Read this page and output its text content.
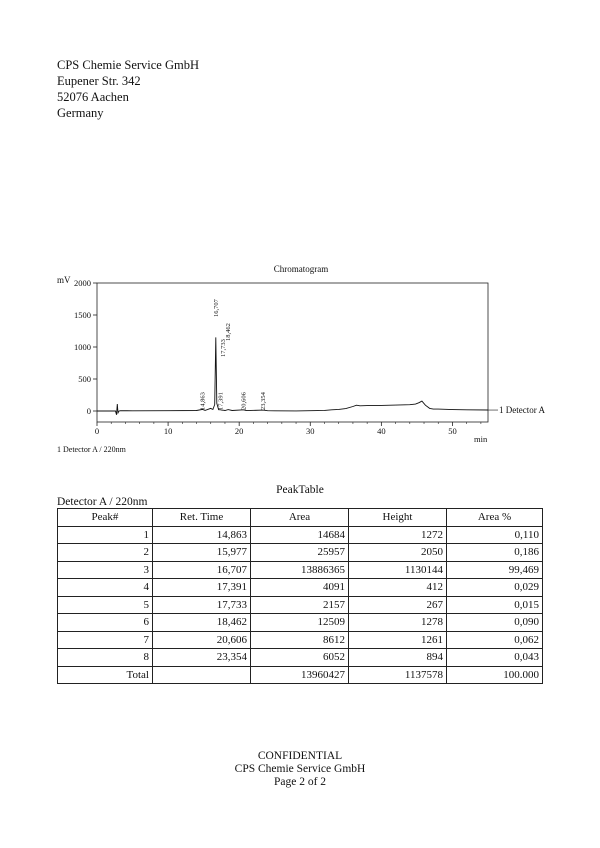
CPS Chemie Service GmbH
Eupener Str. 342
52076 Aachen
Germany
Chromatogram
mV
min
0
500
1000
1500
2000
0	10	20	30	40	50
14,863
16,707
17,391
17,733
18,462
20,606 23,354
1 Detector A
1 Detector A / 220nm
PeakTable
Detector A / 220nm
Peak#	Ret. Time	Area	Height	Area %
1	14,863	14684	1272	0,110
2	15,977	25957	2050	0,186
3	16,707	13886365	1130144	99,469
4	17,391	4091	412	0,029
5	17,733	2157	267	0,015
6	18,462	12509	1278	0,090
7	20,606	8612	1261	0,062
8	23,354	6052	894	0,043
Total		13960427	1137578	100.000
CONFIDENTIAL
CPS Chemie Service GmbH
Page 2 of 2
